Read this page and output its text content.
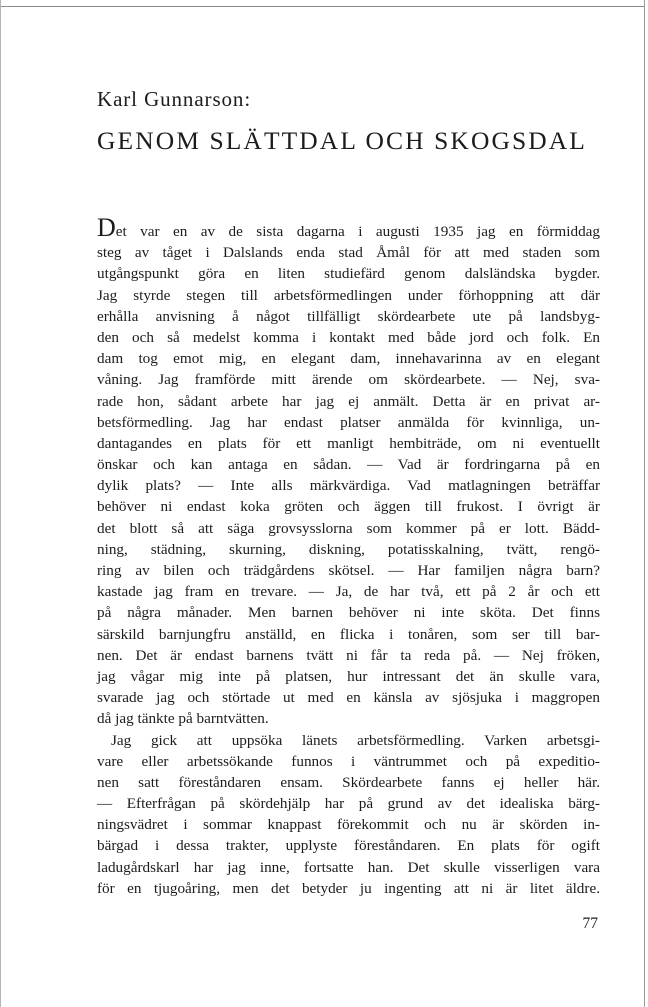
Karl Gunnarson:
GENOM SLÄTTDAL OCH SKOGSDAL
Det var en av de sista dagarna i augusti 1935 jag en förmiddag
steg av tåget i Dalslands enda stad Åmål för att med staden som
utgångspunkt göra en liten studiefärd genom dalsländska bygder.
Jag styrde stegen till arbetsförmedlingen under förhoppning att där
erhålla anvisning å något tillfälligt skördearbete ute på landsbyg-
den och så medelst komma i kontakt med både jord och folk. En
dam tog emot mig, en elegant dam, innehavarinna av en elegant
våning. Jag framförde mitt ärende om skördearbete. — Nej, sva-
rade hon, sådant arbete har jag ej anmält. Detta är en privat ar-
betsförmedling. Jag har endast platser anmälda för kvinnliga, un-
dantagandes en plats för ett manligt hembiträde, om ni eventuellt
önskar och kan antaga en sådan. — Vad är fordringarna på en
dylik plats? — Inte alls märkvärdiga. Vad matlagningen beträffar
behöver ni endast koka gröten och äggen till frukost. I övrigt är
det blott så att säga grovsysslorna som kommer på er lott. Bädd-
ning, städning, skurning, diskning, potatisskalning, tvätt, rengö-
ring av bilen och trädgårdens skötsel. — Har familjen några barn?
kastade jag fram en trevare. — Ja, de har två, ett på 2 år och ett
på några månader. Men barnen behöver ni inte sköta. Det finns
särskild barnjungfru anställd, en flicka i tonåren, som ser till bar-
nen. Det är endast barnens tvätt ni får ta reda på. — Nej fröken,
jag vågar mig inte på platsen, hur intressant det än skulle vara,
svarade jag och störtade ut med en känsla av sjösjuka i maggropen
då jag tänkte på barntvätten.
Jag gick att uppsöka länets arbetsförmedling. Varken arbetsgi-
vare eller arbetssökande funnos i väntrummet och på expeditio-
nen satt föreståndaren ensam. Skördearbete fanns ej heller här.
— Efterfrågan på skördehjälp har på grund av det idealiska bärg-
ningsvädret i sommar knappast förekommit och nu är skörden in-
bärgad i dessa trakter, upplyste föreståndaren. En plats för ogift
ladugårdskarl har jag inne, fortsatte han. Det skulle visserligen vara
för en tjugoåring, men det betyder ju ingenting att ni är litet äldre.
77
